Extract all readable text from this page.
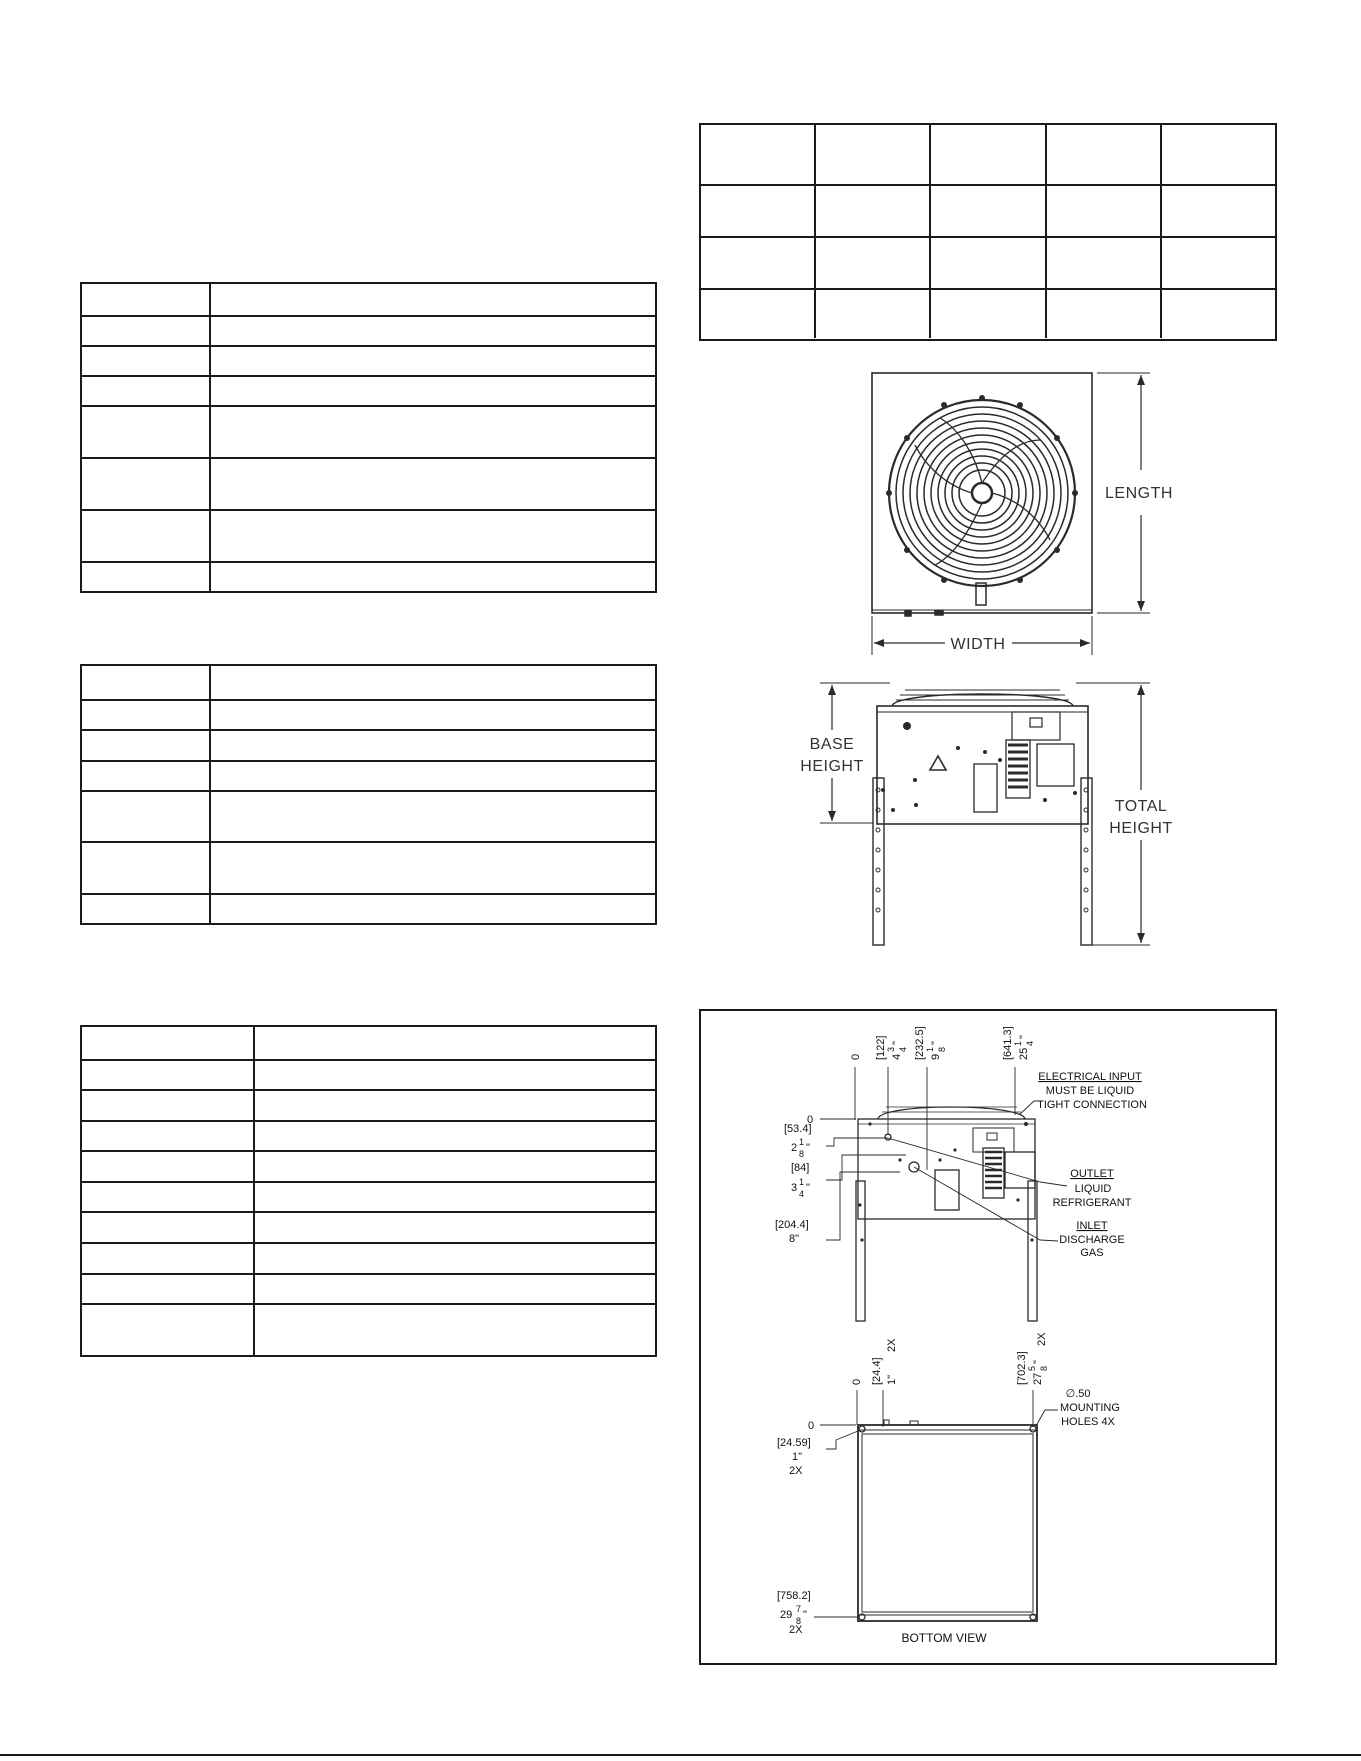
LENGTH
WIDTH
BASE
HEIGHT
TOTAL
HEIGHT
0
0
[122] 4
3 4
" [232.5] 9
1 8
"	[641.3] 25
1 4
"
[53.4]
2 1
8 "
[84]
3 1
4 "
[204.4]
8"
ELECTRICAL INPUT
MUST BE LIQUID
TIGHT CONNECTION
OUTLET
LIQUID
REFRIGERANT
INLET
DISCHARGE
GAS
0
0
[24.4] 1"
2X
[702.3] 27
5 8
"
2X
∅.50
MOUNTING
HOLES 4X
[24.59]
1"
2X
[758.2]
29 7
8 "
2X
BOTTOM VIEW
